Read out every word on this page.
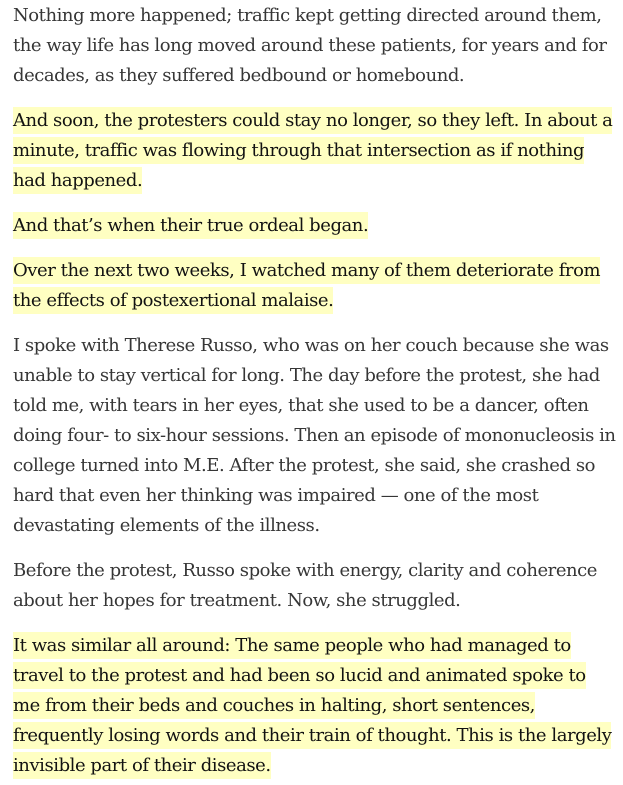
Nothing more happened; traffic kept getting directed around them, the way life has long moved around these patients, for years and for decades, as they suffered bedbound or homebound.

And soon, the protesters could stay no longer, so they left. In about a minute, traffic was flowing through that intersection as if nothing had happened.

And that’s when their true ordeal began.

Over the next two weeks, I watched many of them deteriorate from the effects of postexertional malaise.

I spoke with Therese Russo, who was on her couch because she was unable to stay vertical for long. The day before the protest, she had told me, with tears in her eyes, that she used to be a dancer, often doing four- to six-hour sessions. Then an episode of mononucleosis in college turned into M.E. After the protest, she said, she crashed so hard that even her thinking was impaired — one of the most devastating elements of the illness.

Before the protest, Russo spoke with energy, clarity and coherence about her hopes for treatment. Now, she struggled.

It was similar all around: The same people who had managed to travel to the protest and had been so lucid and animated spoke to me from their beds and couches in halting, short sentences, frequently losing words and their train of thought. This is the largely invisible part of their disease.
